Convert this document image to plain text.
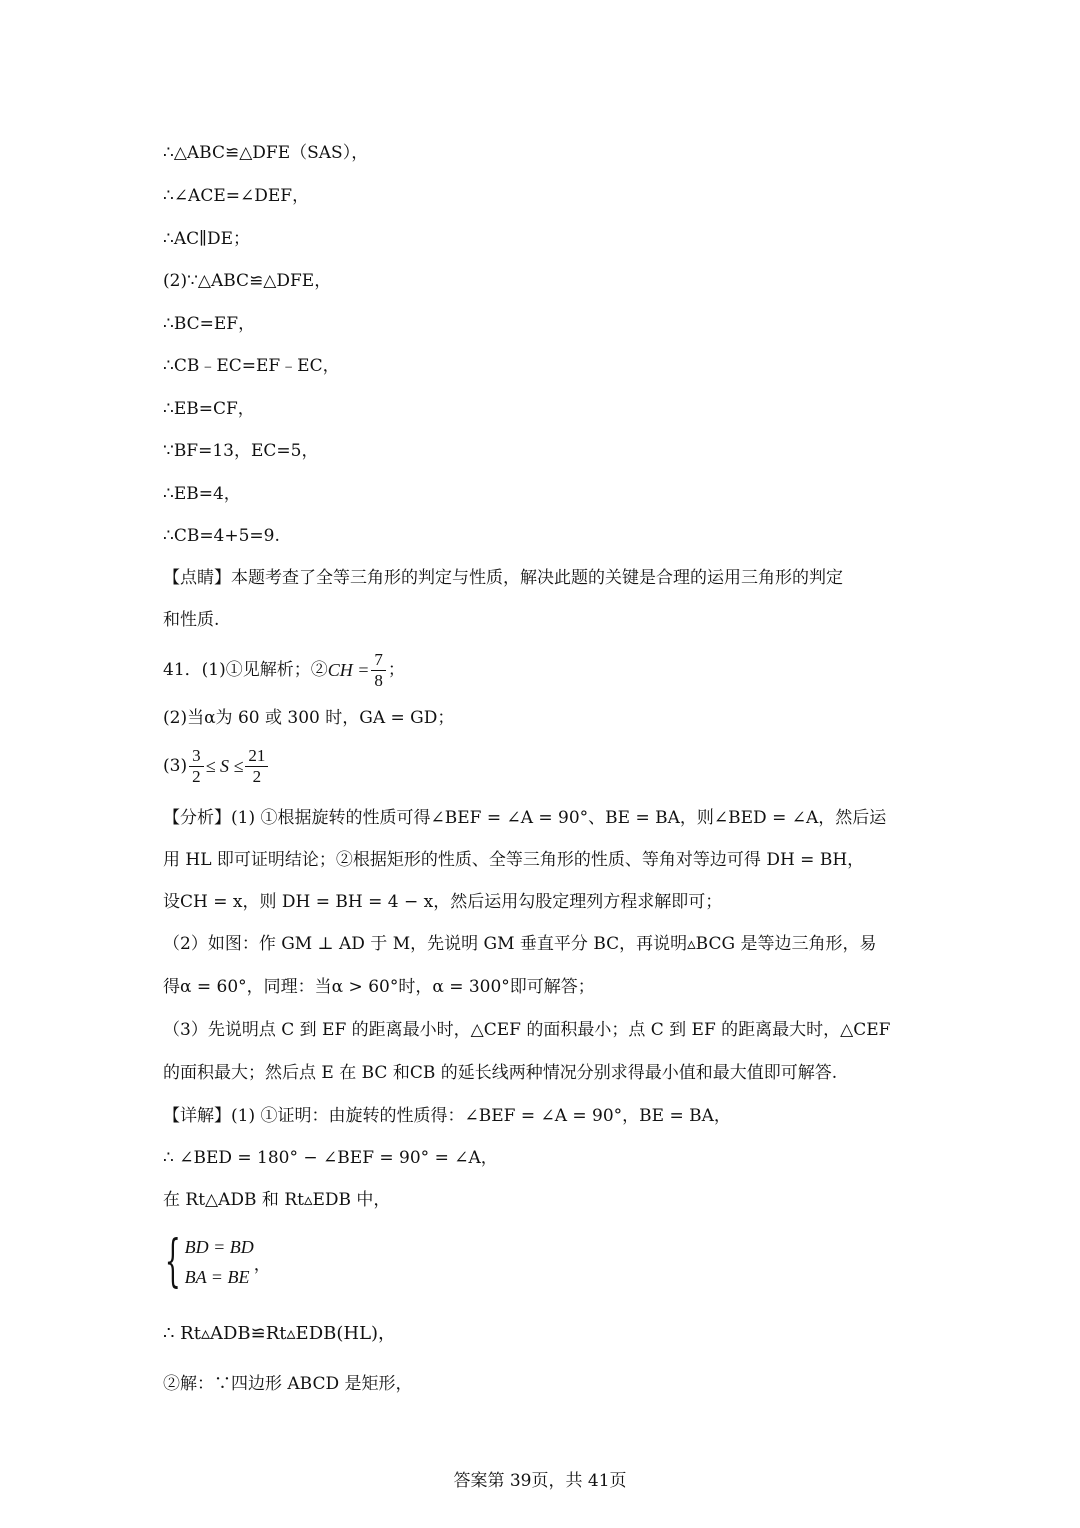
∴△ABC≌△DFE（SAS），
∴∠ACE=∠DEF，
∴AC∥DE；
(2)∵△ABC≌△DFE，
∴BC=EF，
∴CB﹣EC=EF﹣EC，
∴EB=CF，
∵BF=13，EC=5，
∴EB=4，
∴CB=4+5=9.
【点睛】本题考查了全等三角形的判定与性质，解决此题的关键是合理的运用三角形的判定
和性质.
41．(1)①见解析；② CH = $\frac{7}{8}$ ；
(2)当α为 60 或 300 时，GA = GD；
$(3) \frac{3}{2} \le S \le \frac{21}{2}$
【分析】(1) ①根据旋转的性质可得∠BEF = ∠A = 90°、BE = BA，则∠BED = ∠A，然后运
用 HL 即可证明结论；②根据矩形的性质、全等三角形的性质、等角对等边可得 DH = BH，
设CH = x，则 DH = BH = 4 − x，然后运用勾股定理列方程求解即可；
（2）如图：作 GM ⊥ AD 于 M，先说明 GM 垂直平分 BC，再说明▵BCG 是等边三角形，易
得α = 60°，同理：当α > 60°时，α = 300°即可解答；
（3）先说明点 C 到 EF 的距离最小时，△CEF 的面积最小；点 C 到 EF 的距离最大时，△CEF
的面积最大；然后点 E 在 BC 和CB 的延长线两种情况分别求得最小值和最大值即可解答.
【详解】(1) ①证明：由旋转的性质得：∠BEF = ∠A = 90°，BE = BA，
∴ ∠BED = 180° − ∠BEF = 90° = ∠A，
在 Rt△ADB 和 Rt▵EDB 中，
{ BD = BD
BA = BE
，
∴ Rt▵ADB≌Rt▵EDB(HL)，
②解：∵四边形 ABCD 是矩形，
答案第 39页，共 41页
